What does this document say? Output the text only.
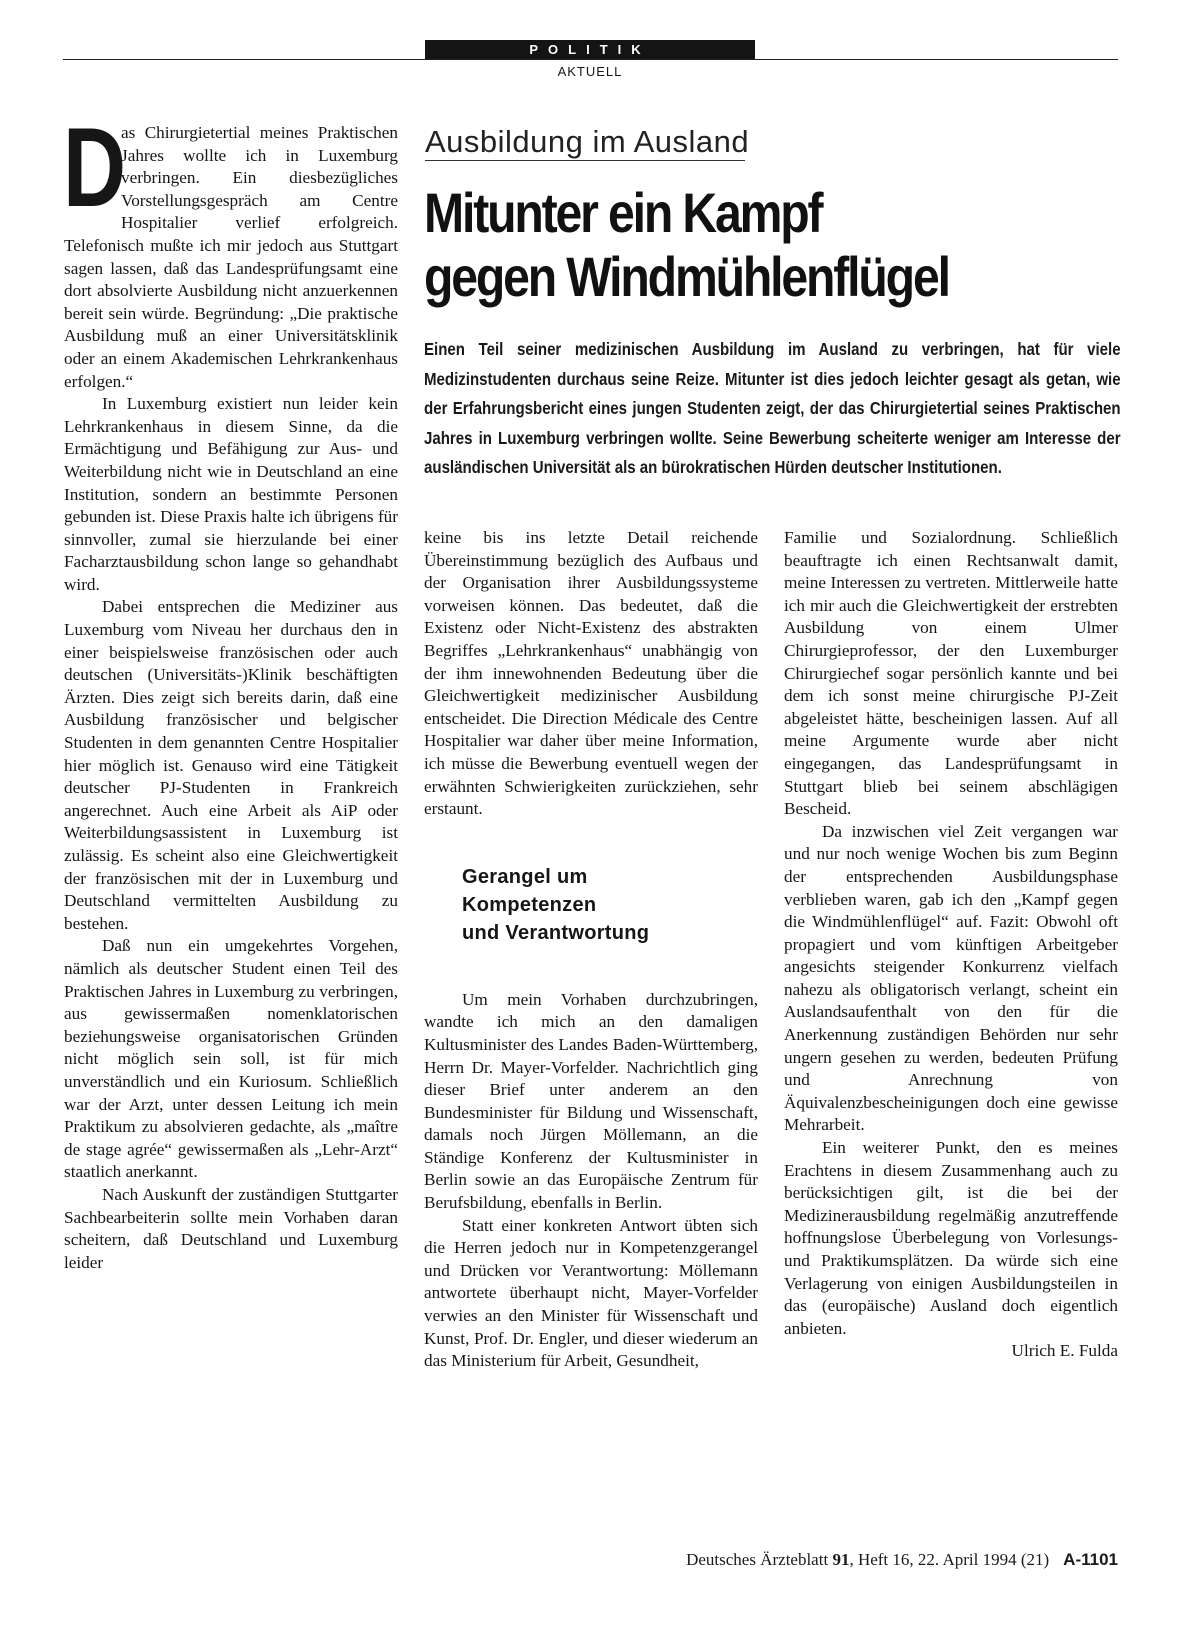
POLITIK
AKTUELL
D

as Chirurgietertial meines Praktischen Jahres wollte ich in Luxemburg verbringen. Ein diesbezügliches Vorstellungsgespräch am Centre Hospitalier verlief erfolgreich. Telefonisch mußte ich mir jedoch aus Stuttgart sagen lassen, daß das Landesprüfungsamt eine dort absolvierte Ausbildung nicht anzuerkennen bereit sein würde. Begründung: „Die praktische Ausbildung muß an einer Universitätsklinik oder an einem Akademischen Lehrkrankenhaus erfolgen.“

In Luxemburg existiert nun leider kein Lehrkrankenhaus in diesem Sinne, da die Ermächtigung und Befähigung zur Aus- und Weiterbildung nicht wie in Deutschland an eine Institution, sondern an bestimmte Personen gebunden ist. Diese Praxis halte ich übrigens für sinnvoller, zumal sie hierzulande bei einer Facharztausbildung schon lange so gehandhabt wird.

Dabei entsprechen die Mediziner aus Luxemburg vom Niveau her durchaus den in einer beispielsweise französischen oder auch deutschen (Universitäts-)Klinik beschäftigten Ärzten. Dies zeigt sich bereits darin, daß eine Ausbildung französischer und belgischer Studenten in dem genannten Centre Hospitalier hier möglich ist. Genauso wird eine Tätigkeit deutscher PJ-Studenten in Frankreich angerechnet. Auch eine Arbeit als AiP oder Weiterbildungsassistent in Luxemburg ist zulässig. Es scheint also eine Gleichwertigkeit der französischen mit der in Luxemburg und Deutschland vermittelten Ausbildung zu bestehen.

Daß nun ein umgekehrtes Vorgehen, nämlich als deutscher Student einen Teil des Praktischen Jahres in Luxemburg zu verbringen, aus gewissermaßen nomenklatorischen beziehungsweise organisatorischen Gründen nicht möglich sein soll, ist für mich unverständlich und ein Kuriosum. Schließlich war der Arzt, unter dessen Leitung ich mein Praktikum zu absolvieren gedachte, als „maître de stage agrée“ gewissermaßen als „Lehr-Arzt“ staatlich anerkannt.

Nach Auskunft der zuständigen Stuttgarter Sachbearbeiterin sollte mein Vorhaben daran scheitern, daß Deutschland und Luxemburg leider

Ausbildung im Ausland
Mitunter ein Kampf
gegen Windmühlenflügel
Einen Teil seiner medizinischen Ausbildung im Ausland zu verbringen, hat für viele Medizinstudenten durchaus seine Reize. Mitunter ist dies jedoch leichter gesagt als getan, wie der Erfahrungsbericht eines jungen Studenten zeigt, der das Chirurgietertial seines Praktischen Jahres in Luxemburg verbringen wollte. Seine Bewerbung scheiterte weniger am Interesse der ausländischen Universität als an bürokratischen Hürden deutscher Institutionen.

keine bis ins letzte Detail reichende Übereinstimmung bezüglich des Aufbaus und der Organisation ihrer Ausbildungssysteme vorweisen können. Das bedeutet, daß die Existenz oder Nicht-Existenz des abstrakten Begriffes „Lehrkrankenhaus“ unabhängig von der ihm innewohnenden Bedeutung über die Gleichwertigkeit medizinischer Ausbildung entscheidet. Die Direction Médicale des Centre Hospitalier war daher über meine Information, ich müsse die Bewerbung eventuell wegen der erwähnten Schwierigkeiten zurückziehen, sehr erstaunt.

Gerangel um
Kompetenzen
und Verantwortung

Um mein Vorhaben durchzubringen, wandte ich mich an den damaligen Kultusminister des Landes Baden-Württemberg, Herrn Dr. Mayer-Vorfelder. Nachrichtlich ging dieser Brief unter anderem an den Bundesminister für Bildung und Wissenschaft, damals noch Jürgen Möllemann, an die Ständige Konferenz der Kultusminister in Berlin sowie an das Europäische Zentrum für Berufsbildung, ebenfalls in Berlin.

Statt einer konkreten Antwort übten sich die Herren jedoch nur in Kompetenzgerangel und Drücken vor Verantwortung: Möllemann antwortete überhaupt nicht, Mayer-Vorfelder verwies an den Minister für Wissenschaft und Kunst, Prof. Dr. Engler, und dieser wiederum an das Ministerium für Arbeit, Gesundheit,

Familie und Sozialordnung. Schließlich beauftragte ich einen Rechtsanwalt damit, meine Interessen zu vertreten. Mittlerweile hatte ich mir auch die Gleichwertigkeit der erstrebten Ausbildung von einem Ulmer Chirurgieprofessor, der den Luxemburger Chirurgiechef sogar persönlich kannte und bei dem ich sonst meine chirurgische PJ-Zeit abgeleistet hätte, bescheinigen lassen. Auf all meine Argumente wurde aber nicht eingegangen, das Landesprüfungsamt in Stuttgart blieb bei seinem abschlägigen Bescheid.

Da inzwischen viel Zeit vergangen war und nur noch wenige Wochen bis zum Beginn der entsprechenden Ausbildungsphase verblieben waren, gab ich den „Kampf gegen die Windmühlenflügel“ auf. Fazit: Obwohl oft propagiert und vom künftigen Arbeitgeber angesichts steigender Konkurrenz vielfach nahezu als obligatorisch verlangt, scheint ein Auslandsaufenthalt von den für die Anerkennung zuständigen Behörden nur sehr ungern gesehen zu werden, bedeuten Prüfung und Anrechnung von Äquivalenzbescheinigungen doch eine gewisse Mehrarbeit.

Ein weiterer Punkt, den es meines Erachtens in diesem Zusammenhang auch zu berücksichtigen gilt, ist die bei der Medizinerausbildung regelmäßig anzutreffende hoffnungslose Überbelegung von Vorlesungs- und Praktikumsplätzen. Da würde sich eine Verlagerung von einigen Ausbildungsteilen in das (europäische) Ausland doch eigentlich anbieten.

Ulrich E. Fulda
Deutsches Ärzteblatt 91, Heft 16, 22. April 1994 (21) A-1101
